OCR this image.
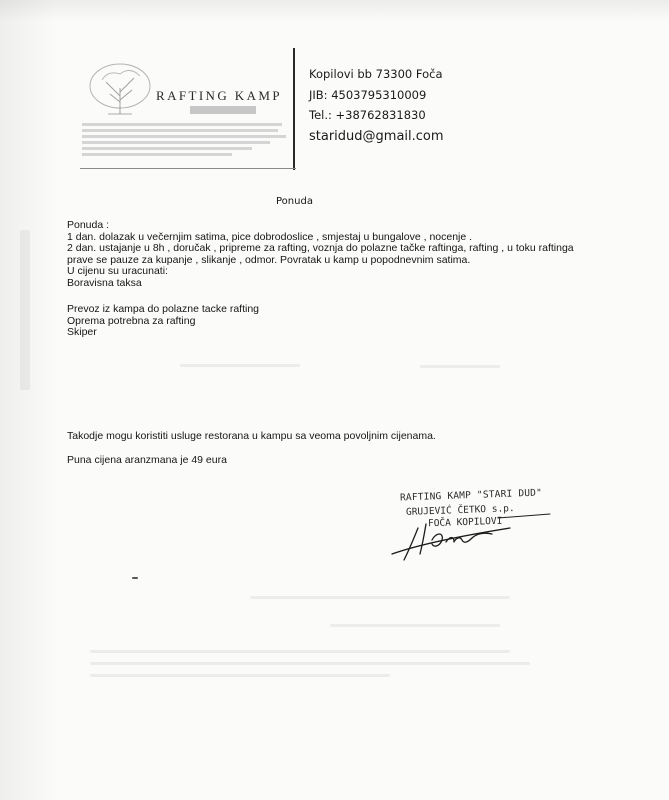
RAFTING KAMP
Kopilovi bb 73300 Foča
JIB: 4503795310009
Tel.: +38762831830
staridud@gmail.com
Ponuda
Ponuda :
1 dan. dolazak u večernjim satima, pice dobrodoslice , smjestaj u bungalove , nocenje .
2 dan. ustajanje u 8h , doručak , pripreme za rafting, voznja do polazne tačke raftinga, rafting , u toku raftinga
prave se pauze za kupanje , slikanje , odmor. Povratak u kamp u popodnevnim satima.
U cijenu su uracunati:
Boravisna taksa
Prevoz iz kampa do polazne tacke rafting
Oprema potrebna za rafting
Skiper
Takodje mogu koristiti usluge restorana u kampu sa veoma povoljnim cijenama.
Puna cijena aranzmana je 49 eura
RAFTING KAMP "STARI DUD"
GRUJEVIĆ ČETKO s.p.
FOČA KOPILOVI
